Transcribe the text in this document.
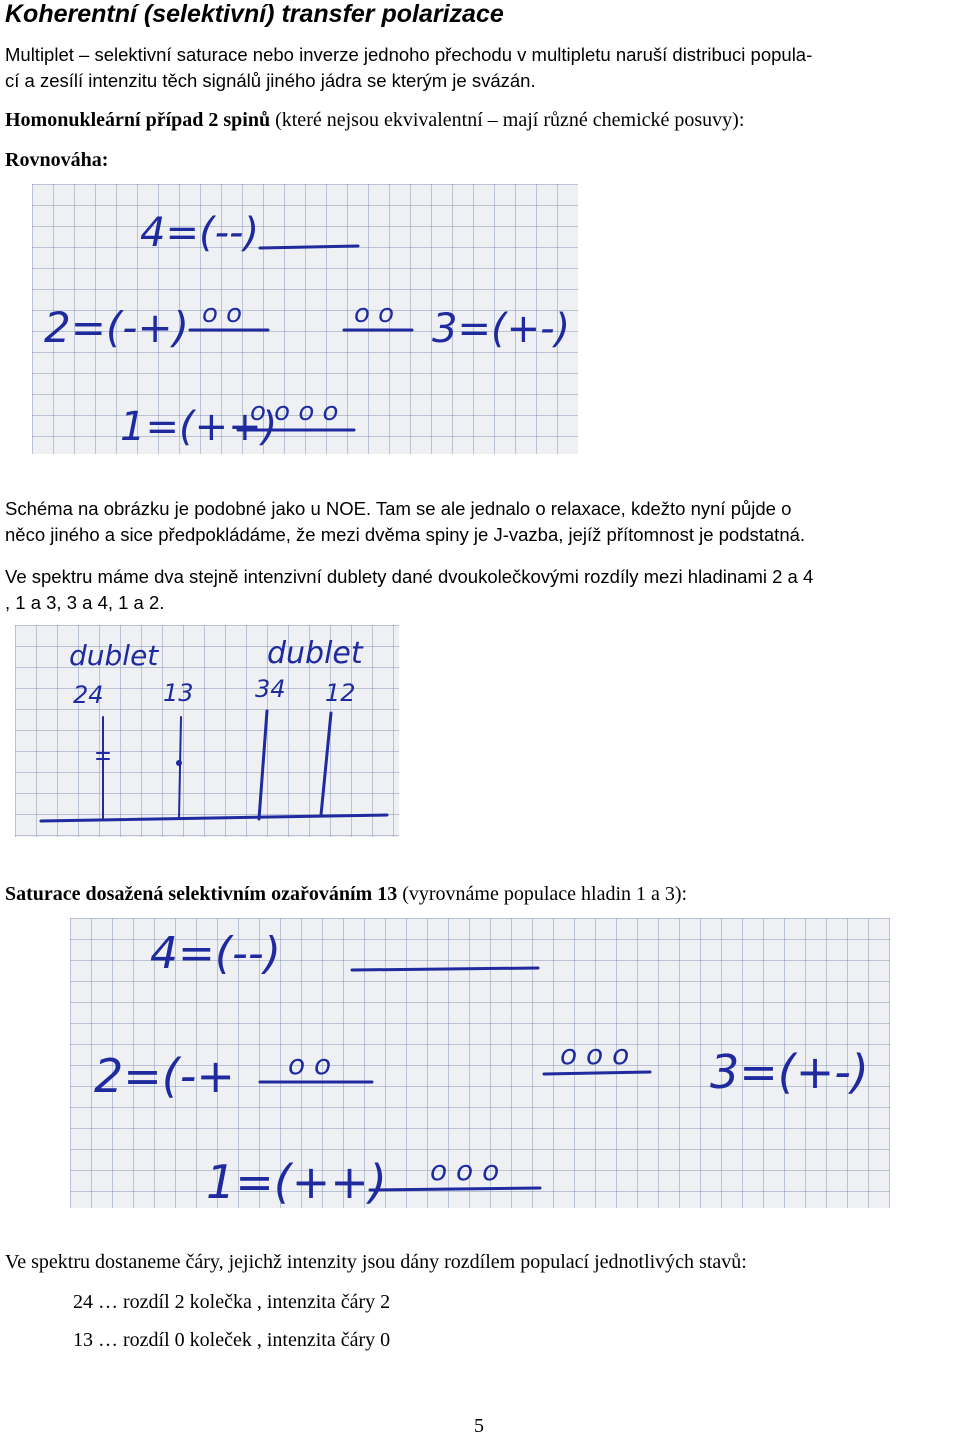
Koherentní (selektivní) transfer polarizace
Multiplet – selektivní saturace nebo inverze jednoho přechodu v multipletu naruší distribuci popula-
cí a zesílí intenzitu těch signálů jiného jádra se kterým je svázán.
Homonukleární případ 2 spinů (které nejsou ekvivalentní – mají různé chemické posuvy):
Rovnováha:
4=(--)
2=(-+) o o	o o 3=(+-)
1=(++)
o o o o
Schéma na obrázku je podobné jako u NOE. Tam se ale jednalo o relaxace, kdežto nyní půjde o
něco jiného a sice předpokládáme, že mezi dvěma spiny je J-vazba, jejíž přítomnost je podstatná.
Ve spektru máme dva stejně intenzivní dublety dané dvoukolečkovými rozdíly mezi hladinami 2 a 4
, 1 a 3, 3 a 4, 1 a 2.
dublet	dublet
24 13	34 12
Saturace dosažená selektivním ozařováním 13 (vyrovnáme populace hladin 1 a 3):
4=(--)
2=(-+ o o	o o o 3=(+-)
1=(++) o o o
Ve spektru dostaneme čáry, jejichž intenzity jsou dány rozdílem populací jednotlivých stavů:
24 … rozdíl 2 kolečka , intenzita čáry 2
13 … rozdíl 0 koleček , intenzita čáry 0
5
